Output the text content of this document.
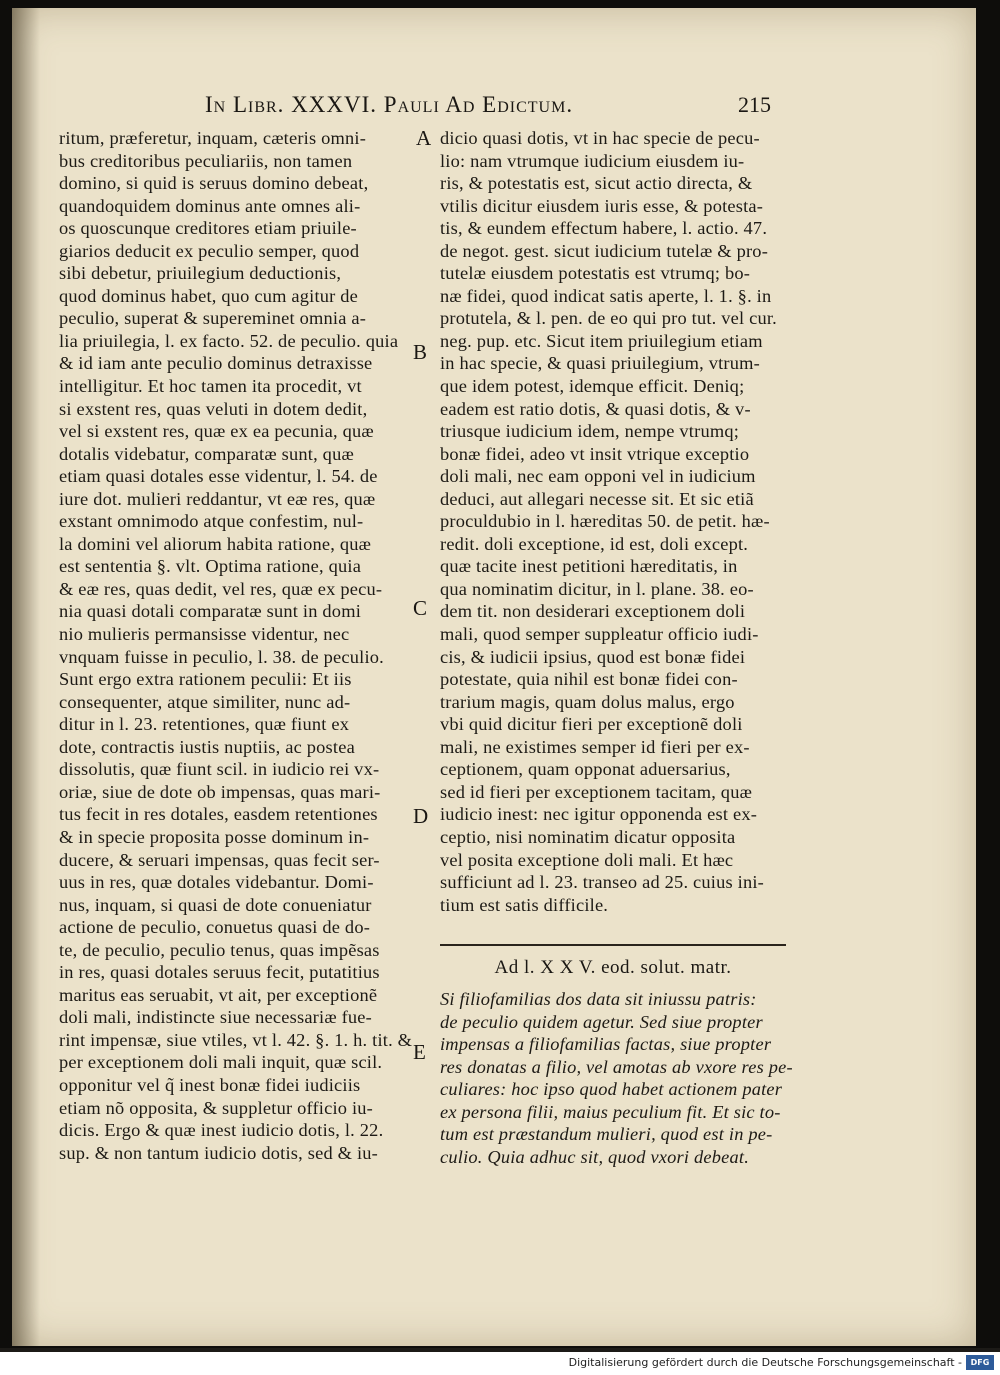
In Libr. XXXVI. Pauli Ad Edictum.	215
ritum, præferetur, inquam, cæteris omni-
bus creditoribus peculiariis, non tamen
domino, si quid is seruus domino debeat,
quandoquidem dominus ante omnes ali-
os quoscunque creditores etiam priuile-
giarios deducit ex peculio semper, quod
sibi debetur, priuilegium deductionis,
quod dominus habet, quo cum agitur de
peculio, superat & supereminet omnia a-
lia priuilegia, l. ex facto. 52. de peculio. quia
& id iam ante peculio dominus detraxisse
intelligitur. Et hoc tamen ita procedit, vt
si exstent res, quas veluti in dotem dedit,
vel si exstent res, quæ ex ea pecunia, quæ
dotalis videbatur, comparatæ sunt, quæ
etiam quasi dotales esse videntur, l. 54. de
iure dot. mulieri reddantur, vt eæ res, quæ
exstant omnimodo atque confestim, nul-
la domini vel aliorum habita ratione, quæ
est sententia §. vlt. Optima ratione, quia
& eæ res, quas dedit, vel res, quæ ex pecu-
nia quasi dotali comparatæ sunt in domi
nio mulieris permansisse videntur, nec
vnquam fuisse in peculio, l. 38. de peculio.
Sunt ergo extra rationem peculii: Et iis
consequenter, atque similiter, nunc ad-
ditur in l. 23. retentiones, quæ fiunt ex
dote, contractis iustis nuptiis, ac postea
dissolutis, quæ fiunt scil. in iudicio rei vx-
oriæ, siue de dote ob impensas, quas mari-
tus fecit in res dotales, easdem retentiones
& in specie proposita posse dominum in-
ducere, & seruari impensas, quas fecit ser-
uus in res, quæ dotales videbantur. Domi-
nus, inquam, si quasi de dote conueniatur
actione de peculio, conuetus quasi de do-
te, de peculio, peculio tenus, quas impẽsas
in res, quasi dotales seruus fecit, putatitius
maritus eas seruabit, vt ait, per exceptionẽ
doli mali, indistincte siue necessariæ fue-
rint impensæ, siue vtiles, vt l. 42. §. 1. h. tit. &
per exceptionem doli mali inquit, quæ scil.
opponitur vel q̃ inest bonæ fidei iudiciis
etiam nõ opposita, & suppletur officio iu-
dicis. Ergo & quæ inest iudicio dotis, l. 22.
sup. & non tantum iudicio dotis, sed & iu-
dicio quasi dotis, vt in hac specie de pecu-
lio: nam vtrumque iudicium eiusdem iu-
ris, & potestatis est, sicut actio directa, &
vtilis dicitur eiusdem iuris esse, & potesta-
tis, & eundem effectum habere, l. actio. 47.
de negot. gest. sicut iudicium tutelæ & pro-
tutelæ eiusdem potestatis est vtrumq; bo-
næ fidei, quod indicat satis aperte, l. 1. §. in
protutela, & l. pen. de eo qui pro tut. vel cur.
neg. pup. etc. Sicut item priuilegium etiam
in hac specie, & quasi priuilegium, vtrum-
que idem potest, idemque efficit. Deniq;
eadem est ratio dotis, & quasi dotis, & v-
triusque iudicium idem, nempe vtrumq;
bonæ fidei, adeo vt insit vtrique exceptio
doli mali, nec eam opponi vel in iudicium
deduci, aut allegari necesse sit. Et sic etiã
proculdubio in l. hæreditas 50. de petit. hæ-
redit. doli exceptione, id est, doli except.
quæ tacite inest petitioni hæreditatis, in
qua nominatim dicitur, in l. plane. 38. eo-
dem tit. non desiderari exceptionem doli
mali, quod semper suppleatur officio iudi-
cis, & iudicii ipsius, quod est bonæ fidei
potestate, quia nihil est bonæ fidei con-
trarium magis, quam dolus malus, ergo
vbi quid dicitur fieri per exceptionẽ doli
mali, ne existimes semper id fieri per ex-
ceptionem, quam opponat aduersarius,
sed id fieri per exceptionem tacitam, quæ
iudicio inest: nec igitur opponenda est ex-
ceptio, nisi nominatim dicatur opposita
vel posita exceptione doli mali. Et hæc
sufficiunt ad l. 23. transeo ad 25. cuius ini-
tium est satis difficile.
A
B
C
D
E
Ad l. X X V. eod. solut. matr.
Si filiofamilias dos data sit iniussu patris:
de peculio quidem agetur. Sed siue propter
impensas a filiofamilias factas, siue propter
res donatas a filio, vel amotas ab vxore res pe-
culiares: hoc ipso quod habet actionem pater
ex persona filii, maius peculium fit. Et sic to-
tum est præstandum mulieri, quod est in pe-
culio. Quia adhuc sit, quod vxori debeat.
Digitalisierung gefördert durch die Deutsche Forschungsgemeinschaft -	DFG
